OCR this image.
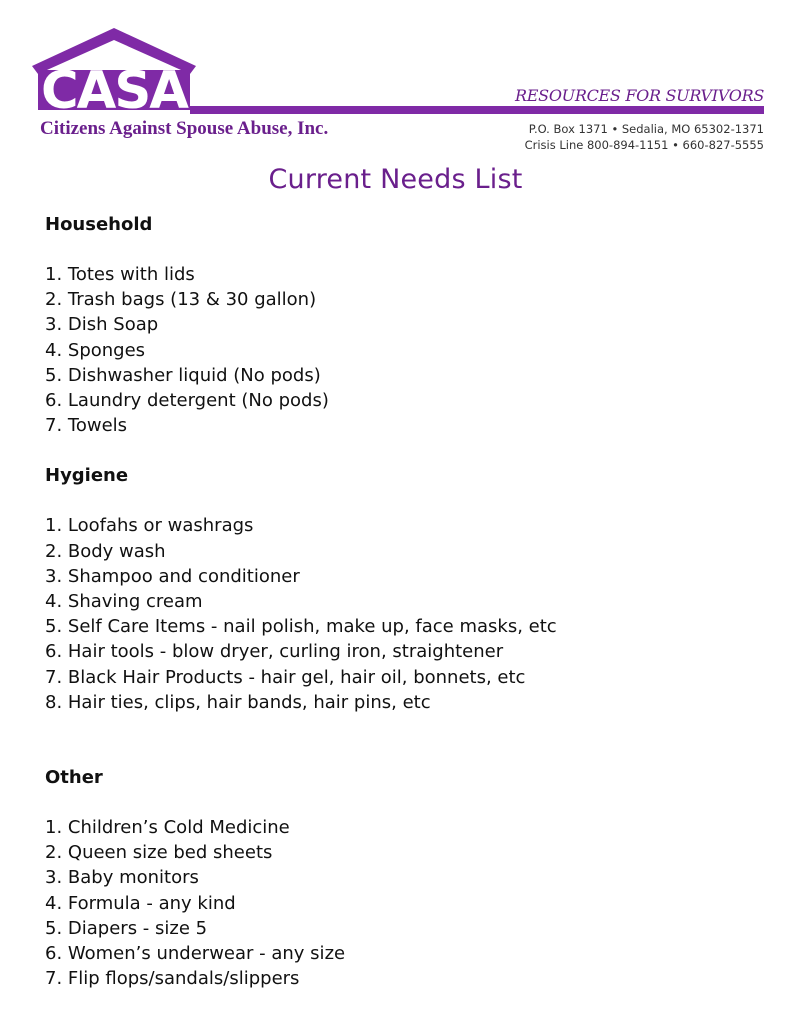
CASA	RESOURCES FOR SURVIVORS
Citizens Against Spouse Abuse, Inc.	P.O. Box 1371 • Sedalia, MO 65302-1371
Crisis Line 800-894-1151 • 660-827-5555
Current Needs List
Household
1. Totes with lids
2. Trash bags (13 & 30 gallon)
3. Dish Soap
4. Sponges
5. Dishwasher liquid (No pods)
6. Laundry detergent (No pods)
7. Towels
Hygiene
1. Loofahs or washrags
2. Body wash
3. Shampoo and conditioner
4. Shaving cream
5. Self Care Items - nail polish, make up, face masks, etc
6. Hair tools - blow dryer, curling iron, straightener
7. Black Hair Products - hair gel, hair oil, bonnets, etc
8. Hair ties, clips, hair bands, hair pins, etc
Other
1. Children’s Cold Medicine
2. Queen size bed sheets
3. Baby monitors
4. Formula - any kind
5. Diapers - size 5
6. Women’s underwear - any size
7. Flip flops/sandals/slippers
